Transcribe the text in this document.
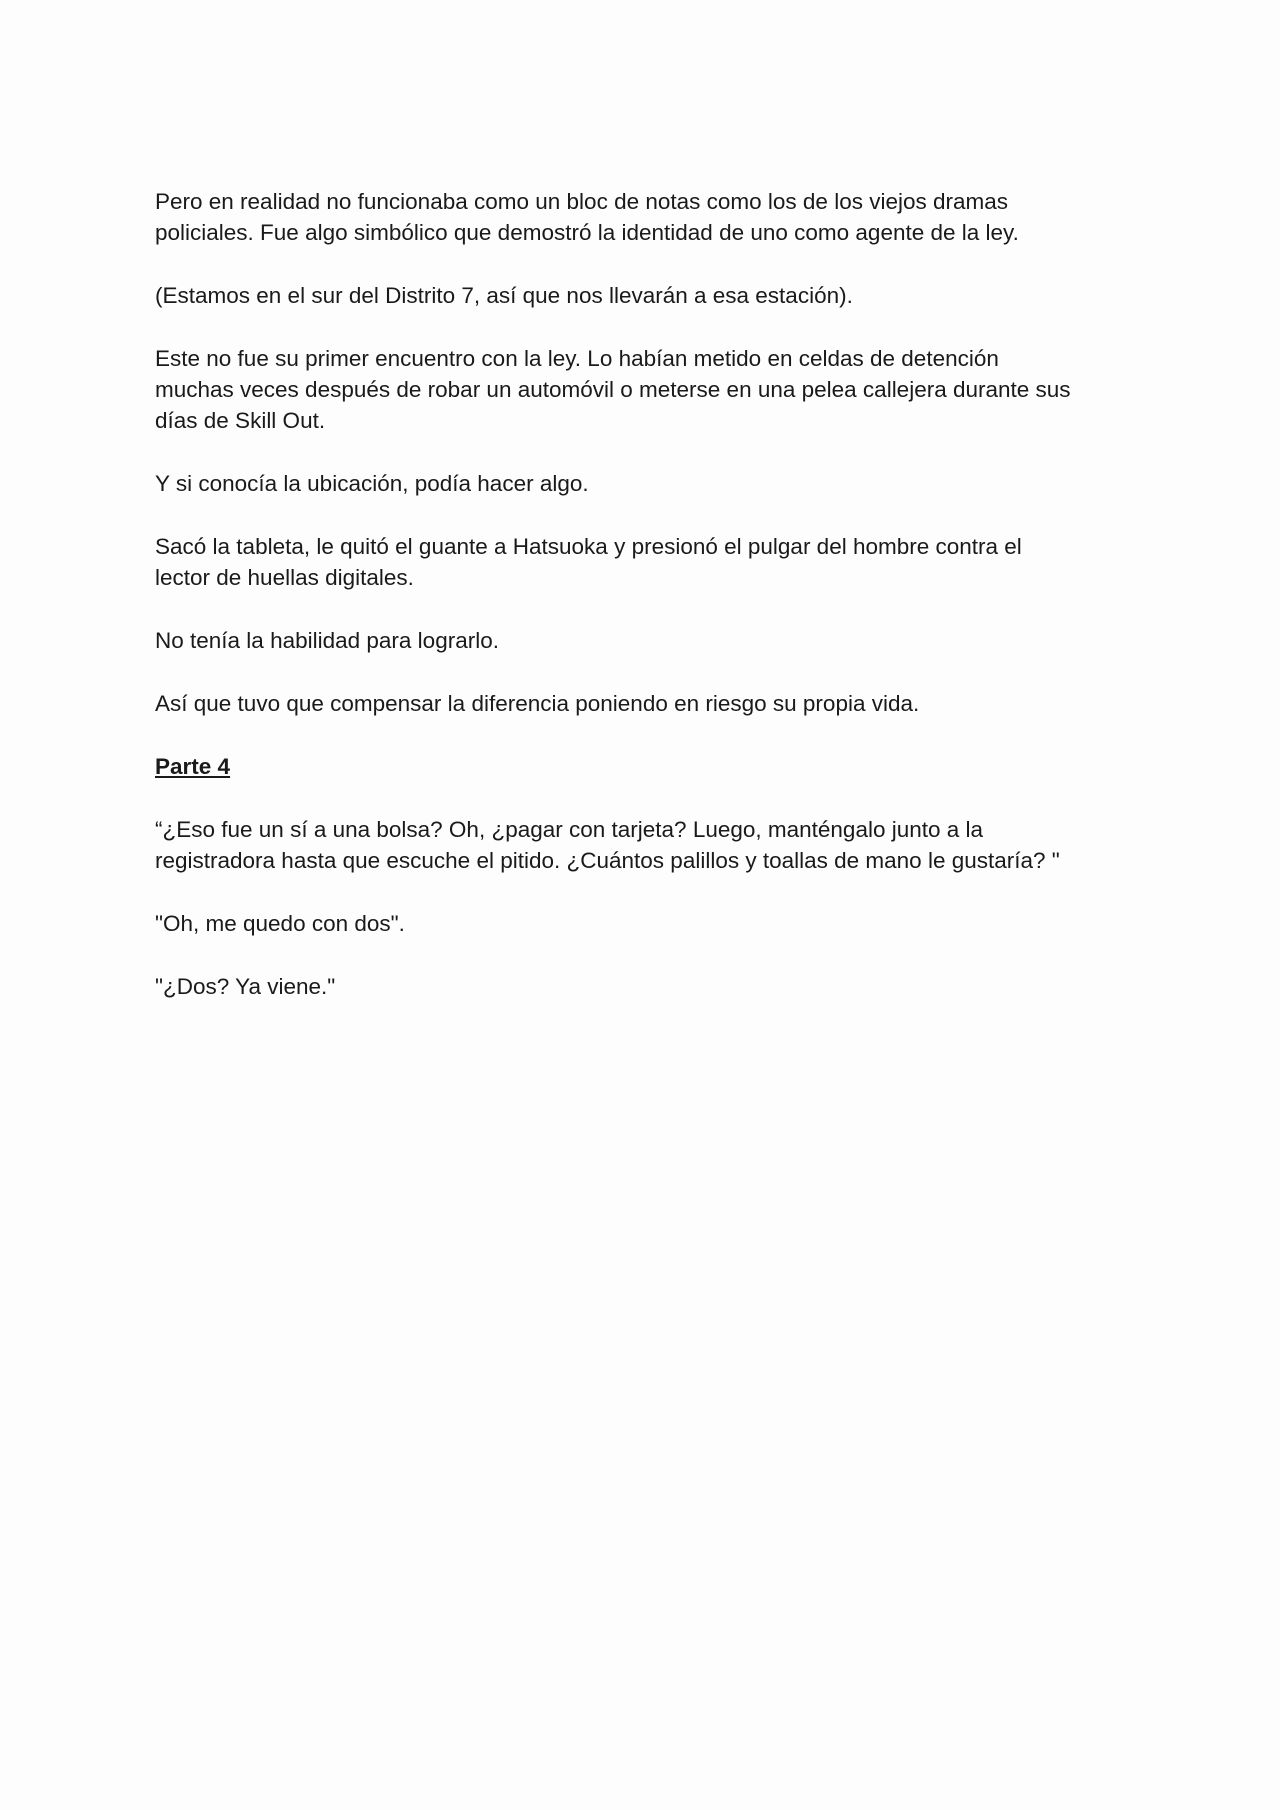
Pero en realidad no funcionaba como un bloc de notas como los de los viejos dramas
policiales. Fue algo simbólico que demostró la identidad de uno como agente de la ley.

(Estamos en el sur del Distrito 7, así que nos llevarán a esa estación).

Este no fue su primer encuentro con la ley. Lo habían metido en celdas de detención
muchas veces después de robar un automóvil o meterse en una pelea callejera durante sus
días de Skill Out.

Y si conocía la ubicación, podía hacer algo.

Sacó la tableta, le quitó el guante a Hatsuoka y presionó el pulgar del hombre contra el
lector de huellas digitales.

No tenía la habilidad para lograrlo.

Así que tuvo que compensar la diferencia poniendo en riesgo su propia vida.

Parte 4

“¿Eso fue un sí a una bolsa? Oh, ¿pagar con tarjeta? Luego, manténgalo junto a la
registradora hasta que escuche el pitido. ¿Cuántos palillos y toallas de mano le gustaría? "

"Oh, me quedo con dos".

"¿Dos? Ya viene."
